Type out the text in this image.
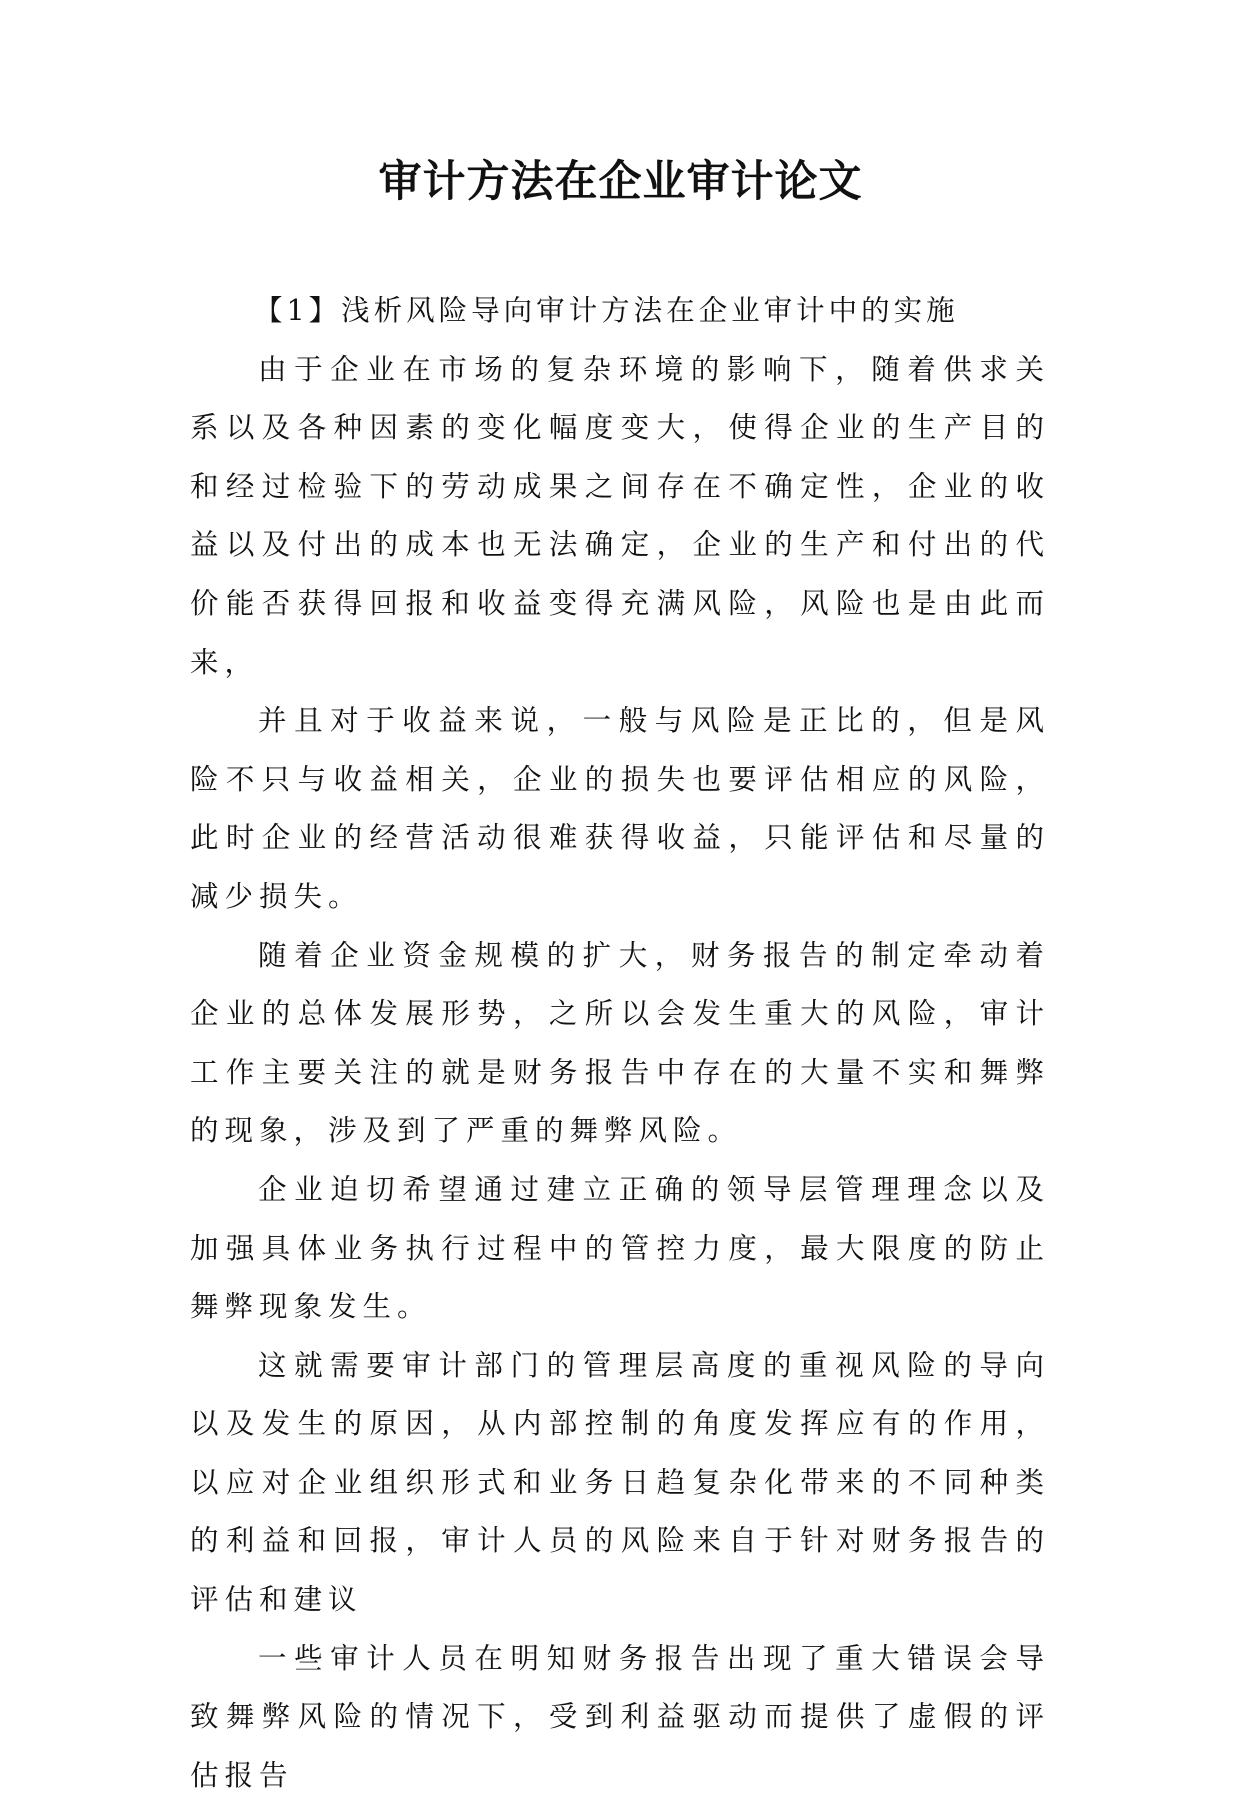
审计方法在企业审计论文

【1】浅析风险导向审计方法在企业审计中的实施

由于企业在市场的复杂环境的影响下，随着供求关系以及各种因素的变化幅度变大，使得企业的生产目的和经过检验下的劳动成果之间存在不确定性，企业的收益以及付出的成本也无法确定，企业的生产和付出的代价能否获得回报和收益变得充满风险，风险也是由此而来，

并且对于收益来说，一般与风险是正比的，但是风险不只与收益相关，企业的损失也要评估相应的风险，此时企业的经营活动很难获得收益，只能评估和尽量的减少损失。

随着企业资金规模的扩大，财务报告的制定牵动着企业的总体发展形势，之所以会发生重大的风险，审计工作主要关注的就是财务报告中存在的大量不实和舞弊的现象，涉及到了严重的舞弊风险。

企业迫切希望通过建立正确的领导层管理理念以及加强具体业务执行过程中的管控力度，最大限度的防止舞弊现象发生。

这就需要审计部门的管理层高度的重视风险的导向以及发生的原因，从内部控制的角度发挥应有的作用，以应对企业组织形式和业务日趋复杂化带来的不同种类的利益和回报，审计人员的风险来自于针对财务报告的评估和建议

一些审计人员在明知财务报告出现了重大错误会导致舞弊风险的情况下，受到利益驱动而提供了虚假的评估报告
